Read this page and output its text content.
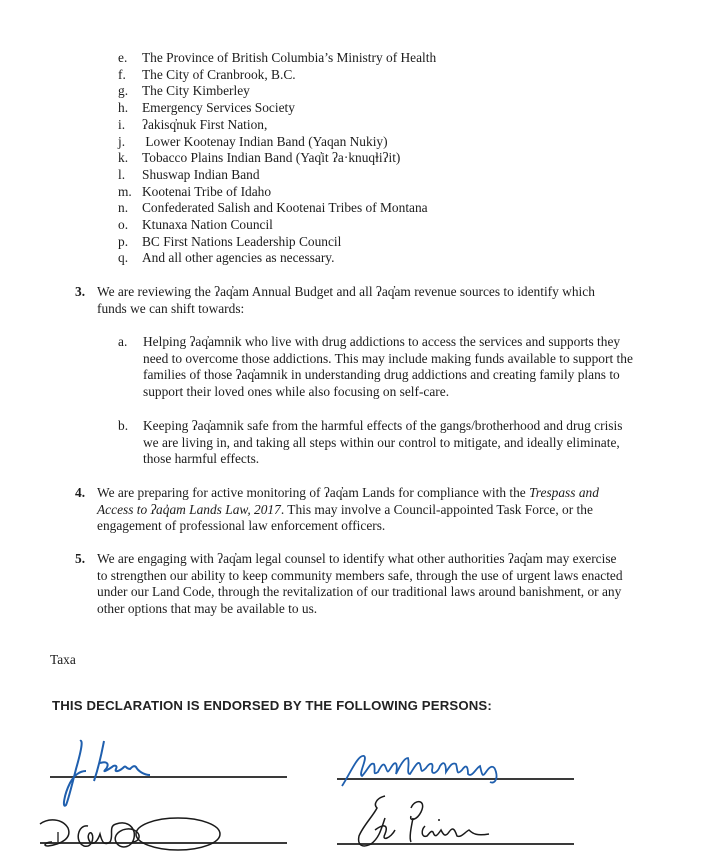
e. The Province of British Columbia’s Ministry of Health
f. The City of Cranbrook, B.C.
g. The City Kimberley
h. Emergency Services Society
i. ʔakisq̓nuk First Nation,
j. Lower Kootenay Indian Band (Yaqan Nukiy)
k. Tobacco Plains Indian Band (Yaq̓it ʔa·knuqⱡiʔit)
l. Shuswap Indian Band
m. Kootenai Tribe of Idaho
n. Confederated Salish and Kootenai Tribes of Montana
o. Ktunaxa Nation Council
p. BC First Nations Leadership Council
q. And all other agencies as necessary.
3. We are reviewing the ʔaq̓am Annual Budget and all ʔaq̓am revenue sources to identify which
funds we can shift towards:
a. Helping ʔaq̓amnik who live with drug addictions to access the services and supports they
need to overcome those addictions. This may include making funds available to support the
families of those ʔaq̓amnik in understanding drug addictions and creating family plans to
support their loved ones while also focusing on self-care.
b. Keeping ʔaq̓amnik safe from the harmful effects of the gangs/brotherhood and drug crisis
we are living in, and taking all steps within our control to mitigate, and ideally eliminate,
those harmful effects.
4. We are preparing for active monitoring of ʔaq̓am Lands for compliance with the Trespass and
Access to ʔaq̓am Lands Law, 2017. This may involve a Council-appointed Task Force, or the
engagement of professional law enforcement officers.
5. We are engaging with ʔaq̓am legal counsel to identify what other authorities ʔaq̓am may exercise
to strengthen our ability to keep community members safe, through the use of urgent laws enacted
under our Land Code, through the revitalization of our traditional laws around banishment, or any
other options that may be available to us.
Taxa
THIS DECLARATION IS ENDORSED BY THE FOLLOWING PERSONS:
